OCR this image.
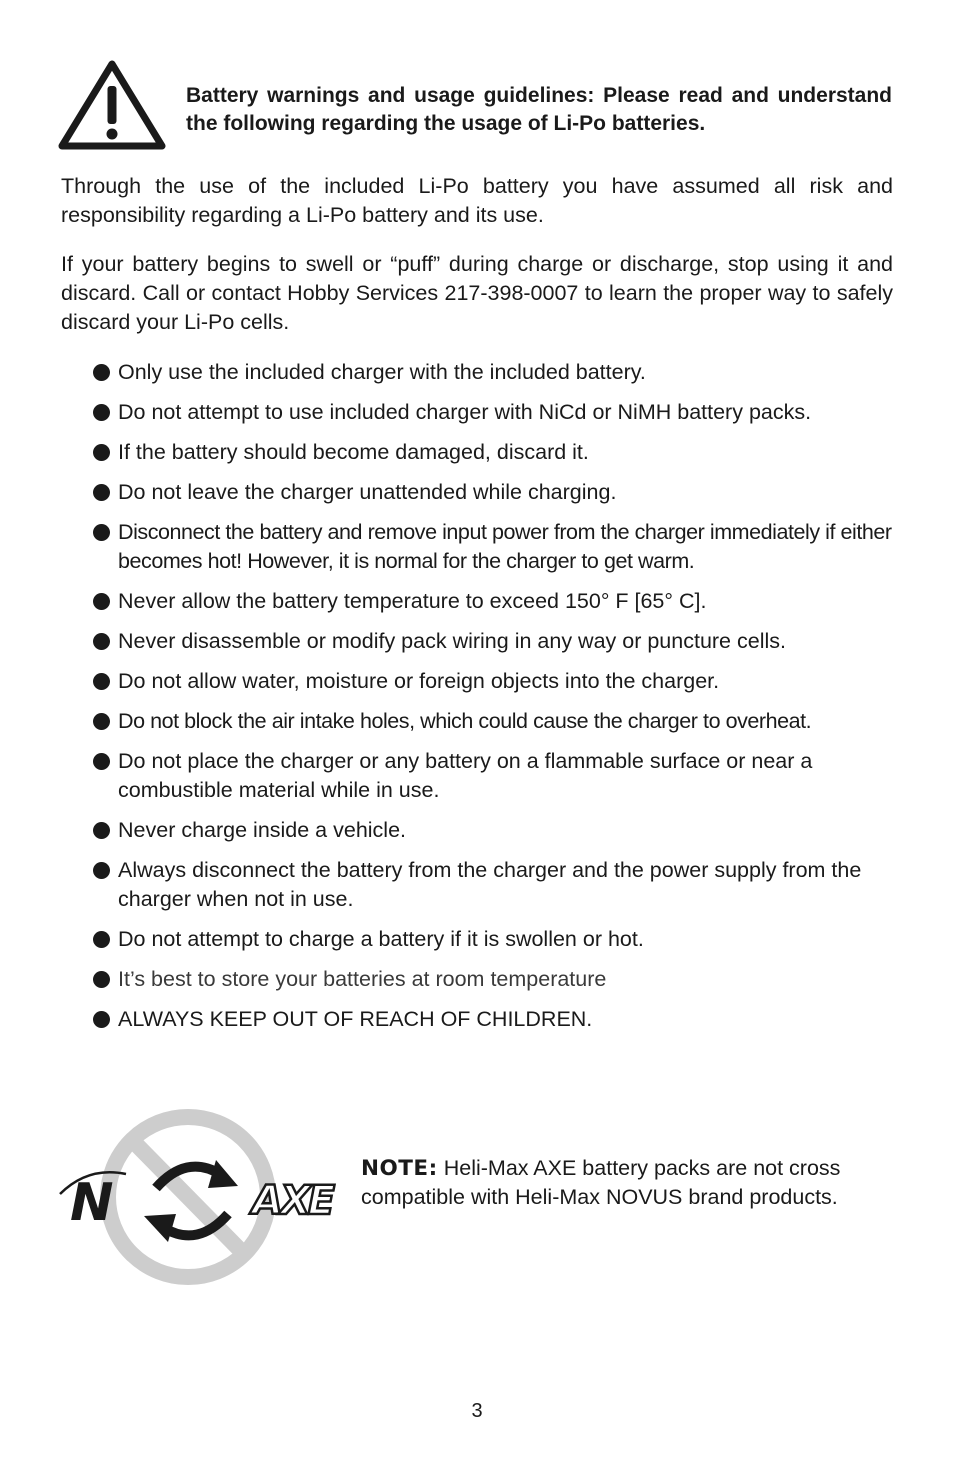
Battery warnings and usage guidelines: Please read and understand the following regarding the usage of Li-Po batteries.
Through the use of the included Li-Po battery you have assumed all risk and responsibility regarding a Li-Po battery and its use.
If your battery begins to swell or “puff” during charge or discharge, stop using it and discard. Call or contact Hobby Services 217-398-0007 to learn the proper way to safely discard your Li-Po cells.
Only use the included charger with the included battery.
Do not attempt to use included charger with NiCd or NiMH battery packs.
If the battery should become damaged, discard it.
Do not leave the charger unattended while charging.
Disconnect the battery and remove input power from the charger immediately if either becomes hot! However, it is normal for the charger to get warm.
Never allow the battery temperature to exceed 150° F [65° C].
Never disassemble or modify pack wiring in any way or puncture cells.
Do not allow water, moisture or foreign objects into the charger.
Do not block the air intake holes, which could cause the charger to overheat.
Do not place the charger or any battery on a flammable surface or near a combustible material while in use.
Never charge inside a vehicle.
Always disconnect the battery from the charger and the power supply from the charger when not in use.
Do not attempt to charge a battery if it is swollen or hot.
It’s best to store your batteries at room temperature
ALWAYS KEEP OUT OF REACH OF CHILDREN.
N	AXE
NOTE: Heli-Max AXE battery packs are not cross compatible with Heli-Max NOVUS brand products.
3
